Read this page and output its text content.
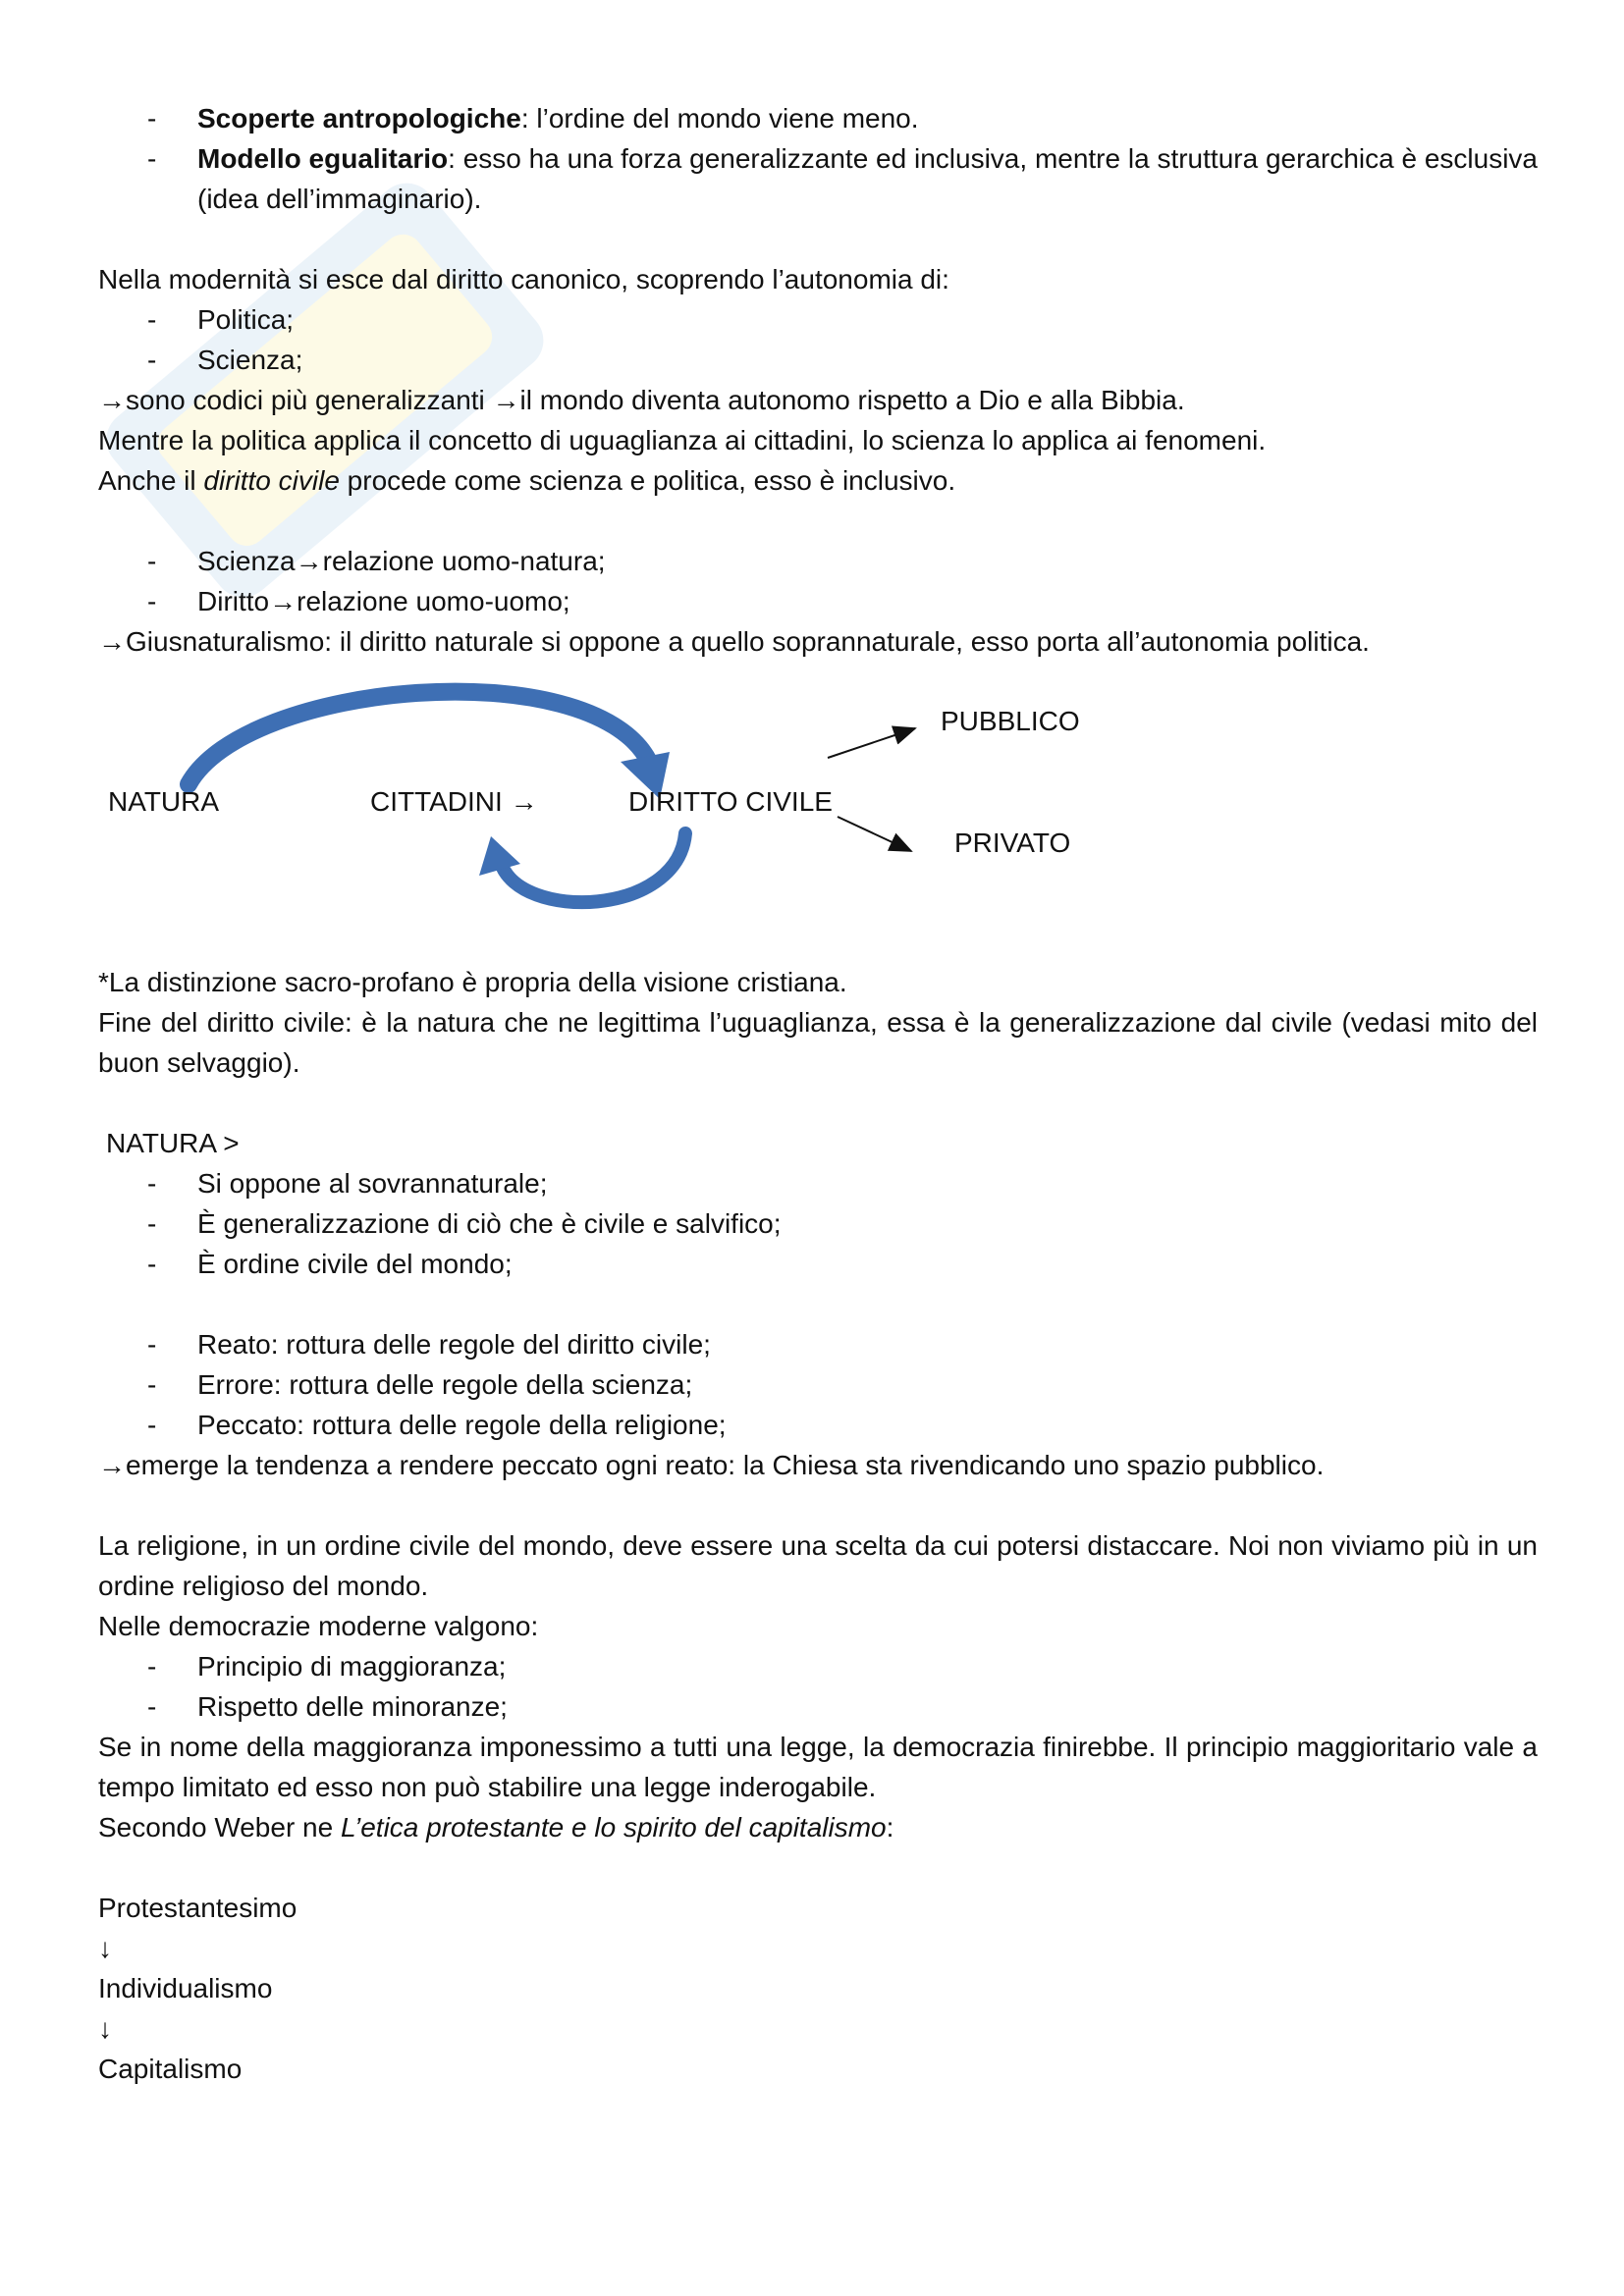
- Scoperte antropologiche: l’ordine del mondo viene meno.

- Modello egualitario: esso ha una forza generalizzante ed inclusiva, mentre la struttura gerarchica è esclusiva (idea dell’immaginario).

Nella modernità si esce dal diritto canonico, scoprendo l’autonomia di:

- Politica;

- Scienza;

→sono codici più generalizzanti →il mondo diventa autonomo rispetto a Dio e alla Bibbia.

Mentre la politica applica il concetto di uguaglianza ai cittadini, lo scienza lo applica ai fenomeni.

Anche il diritto civile procede come scienza e politica, esso è inclusivo.

- Scienza→relazione uomo-natura;

- Diritto→relazione uomo-uomo;

→Giusnaturalismo: il diritto naturale si oppone a quello soprannaturale, esso porta all’autonomia politica.

NATURA	CITTADINI →	DIRITTO CIVILE
PUBBLICO
PRIVATO

*La distinzione sacro-profano è propria della visione cristiana.

Fine del diritto civile: è la natura che ne legittima l’uguaglianza, essa è la generalizzazione dal civile (vedasi mito del buon selvaggio).

NATURA >

- Si oppone al sovrannaturale;

- È generalizzazione di ciò che è civile e salvifico;

- È ordine civile del mondo;

- Reato: rottura delle regole del diritto civile;

- Errore: rottura delle regole della scienza;

- Peccato: rottura delle regole della religione;

→emerge la tendenza a rendere peccato ogni reato: la Chiesa sta rivendicando uno spazio pubblico.

La religione, in un ordine civile del mondo, deve essere una scelta da cui potersi distaccare. Noi non viviamo più in un ordine religioso del mondo.

Nelle democrazie moderne valgono:

- Principio di maggioranza;

- Rispetto delle minoranze;

Se in nome della maggioranza imponessimo a tutti una legge, la democrazia finirebbe. Il principio maggioritario vale a tempo limitato ed esso non può stabilire una legge inderogabile.

Secondo Weber ne L’etica protestante e lo spirito del capitalismo:

Protestantesimo

↓

Individualismo

↓

Capitalismo
